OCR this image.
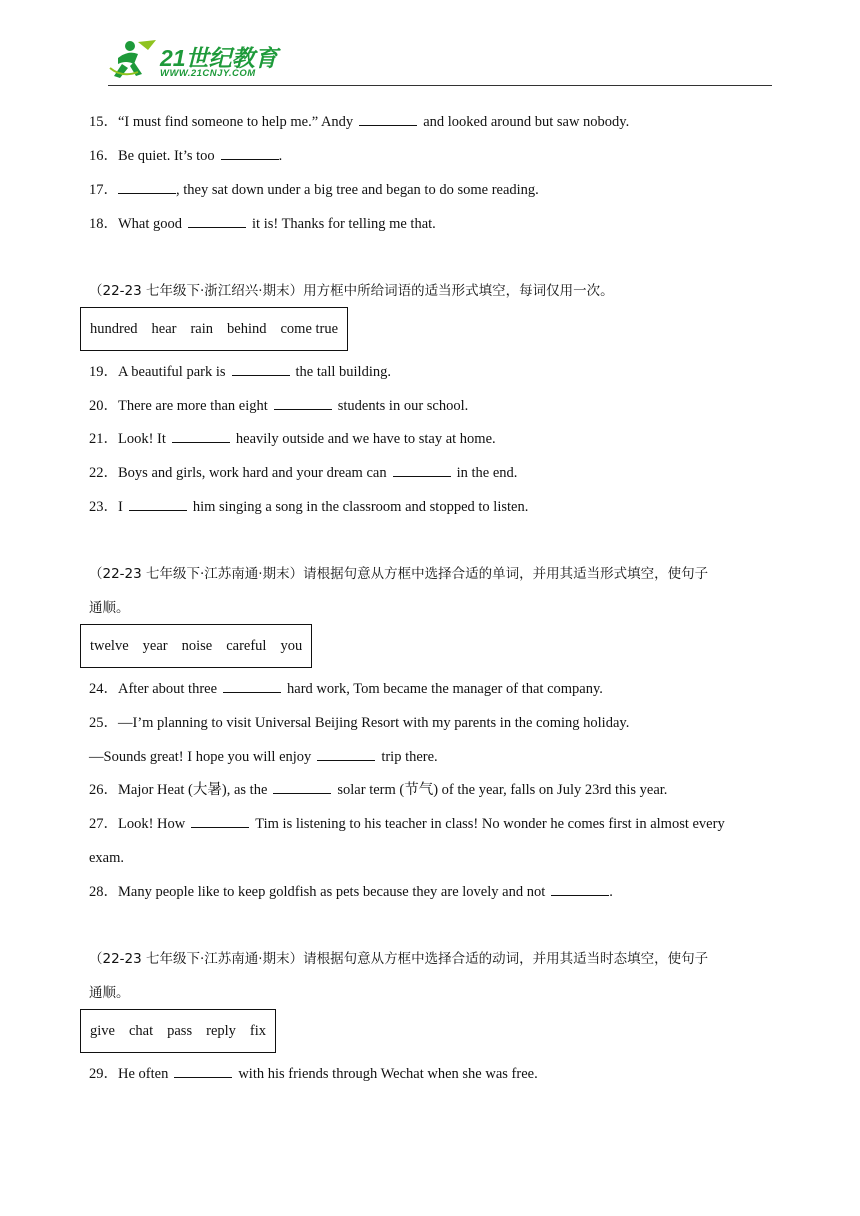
21世纪教育
WWW.21CNJY.COM
15．“I must find someone to help me.” Andy	and looked around but saw nobody.
16．Be quiet. It’s too	.
17．	, they sat down under a big tree and began to do some reading.
18．What good	it is! Thanks for telling me that.
（22-23 七年级下·浙江绍兴·期末）用方框中所给词语的适当形式填空，每词仅用一次。
hundred hear rain behind come true
19．A beautiful park is	the tall building.
20．There are more than eight	students in our school.
21．Look! It	heavily outside and we have to stay at home.
22．Boys and girls, work hard and your dream can	in the end.
23．I	him singing a song in the classroom and stopped to listen.
（22-23 七年级下·江苏南通·期末）请根据句意从方框中选择合适的单词，并用其适当形式填空，使句子
通顺。
twelve year noise careful you
24．After about three	hard work, Tom became the manager of that company.
25．—I’m planning to visit Universal Beijing Resort with my parents in the coming holiday.
—Sounds great! I hope you will enjoy	trip there.
26．Major Heat (大暑), as the	solar term (节气) of the year, falls on July 23rd this year.
27．Look! How	Tim is listening to his teacher in class! No wonder he comes first in almost every
exam.
28．Many people like to keep goldfish as pets because they are lovely and not	.
（22-23 七年级下·江苏南通·期末）请根据句意从方框中选择合适的动词，并用其适当时态填空，使句子
通顺。
give chat pass reply fix
29．He often	with his friends through Wechat when she was free.
